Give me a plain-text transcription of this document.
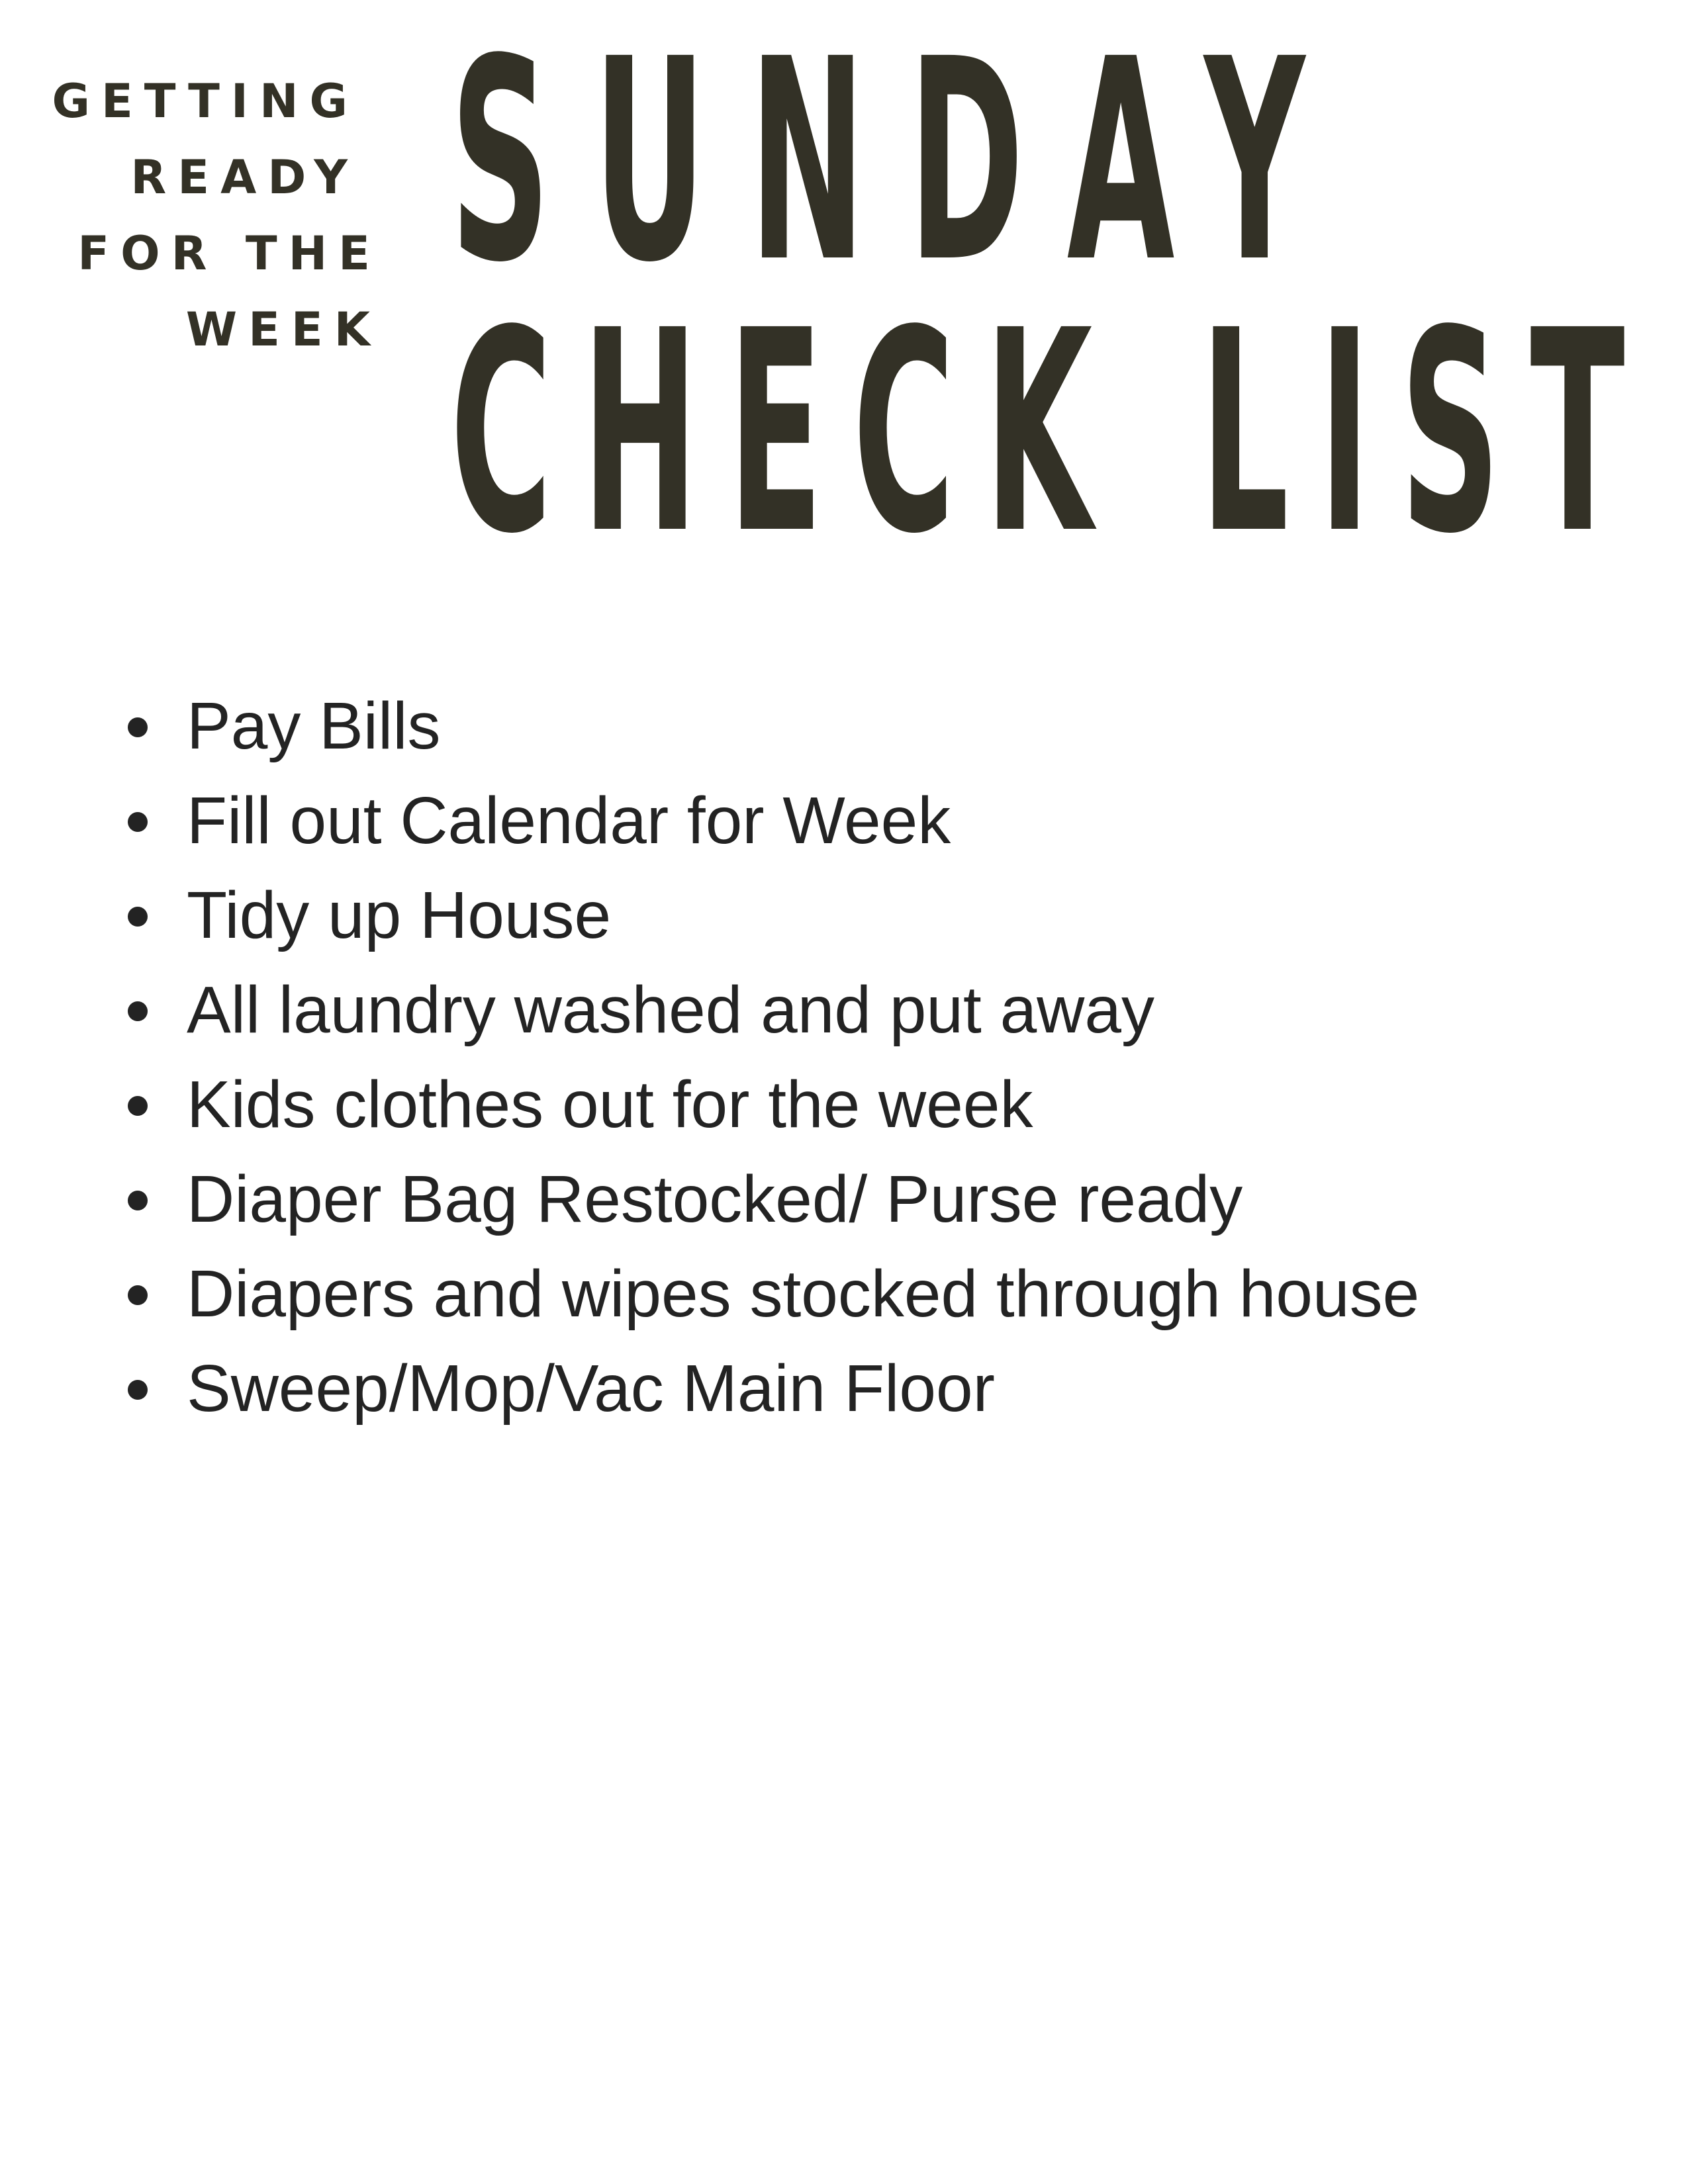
GETTING

READY

FOR THE

WEEK

SUNDAY
CHECK LIST
Pay Bills
Fill out Calendar for Week
Tidy up House
All laundry washed and put away
Kids clothes out for the week
Diaper Bag Restocked/ Purse ready
Diapers and wipes stocked through house
Sweep/Mop/Vac Main Floor
